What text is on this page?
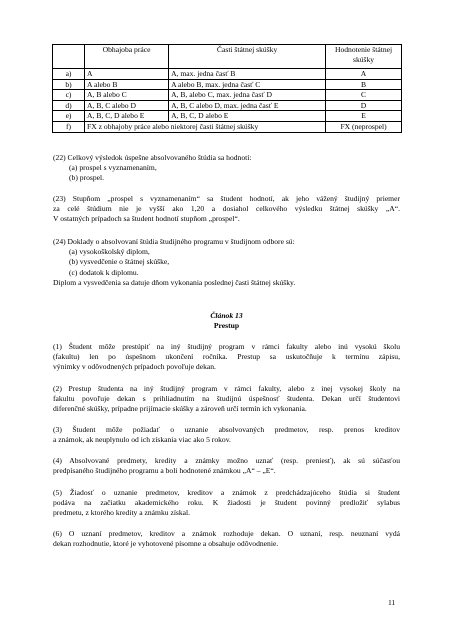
	Obhajoba práce	Časti štátnej skúšky	Hodnotenie štátnej skúšky
a)	A	A, max. jedna časť B	A
b)	A alebo B	A alebo B, max. jedna časť C	B
c)	A, B alebo C	A, B, alebo C, max. jedna časť D	C
d)	A, B, C alebo D	A, B, C alebo D, max. jedna časť E	D
e)	A, B, C, D alebo E	A, B, C, D alebo E	E
f)	FX z obhajoby práce alebo niektorej časti štátnej skúšky		FX (neprospel)
(22) Celkový výsledok úspešne absolvovaného štúdia sa hodnotí:
(a) prospel s vyznamenaním,
(b) prospel.
(23) Stupňom „prospel s vyznamenaním“ sa študent hodnotí, ak jeho vážený študijný priemer
za celé štúdium nie je vyšší ako 1,20 a dosiahol celkového výsledku štátnej skúšky „A“.
V ostatných prípadoch sa študent hodnotí stupňom „prospel“.
(24) Doklady o absolvovaní štúdia študijného programu v študijnom odbore sú:
(a) vysokoškolský diplom,
(b) vysvedčenie o štátnej skúške,
(c) dodatok k diplomu.
Diplom a vysvedčenia sa datuje dňom vykonania poslednej časti štátnej skúšky.
Článok 13
Prestup
(1) Študent môže prestúpiť na iný študijný program v rámci fakulty alebo inú vysokú školu
(fakultu) len po úspešnom ukončení ročníka. Prestup sa uskutočňuje k termínu zápisu,
výnimky v odôvodnených prípadoch povoľuje dekan.
(2) Prestup študenta na iný študijný program v rámci fakulty, alebo z inej vysokej školy na
fakultu povoľuje dekan s prihliadnutím na študijnú úspešnosť študenta. Dekan určí študentovi
diferenčné skúšky, prípadne prijímacie skúšky a zároveň určí termín ich vykonania.
(3) Študent môže požiadať o uznanie absolvovaných predmetov, resp. prenos kreditov
a známok, ak neuplynulo od ich získania viac ako 5 rokov.
(4) Absolvované predmety, kredity a známky možno uznať (resp. preniesť), ak sú súčasťou
predpísaného študijného programu a boli hodnotené známkou „A“ – „E“.
(5) Žiadosť o uznanie predmetov, kreditov a známok z predchádzajúceho štúdia si študent
podáva na začiatku akademického roku. K žiadosti je študent povinný predložiť sylabus
predmetu, z ktorého kredity a známku získal.
(6) O uznaní predmetov, kreditov a známok rozhoduje dekan. O uznaní, resp. neuznaní vydá
dekan rozhodnutie, ktoré je vyhotovené písomne a obsahuje odôvodnenie.
11
